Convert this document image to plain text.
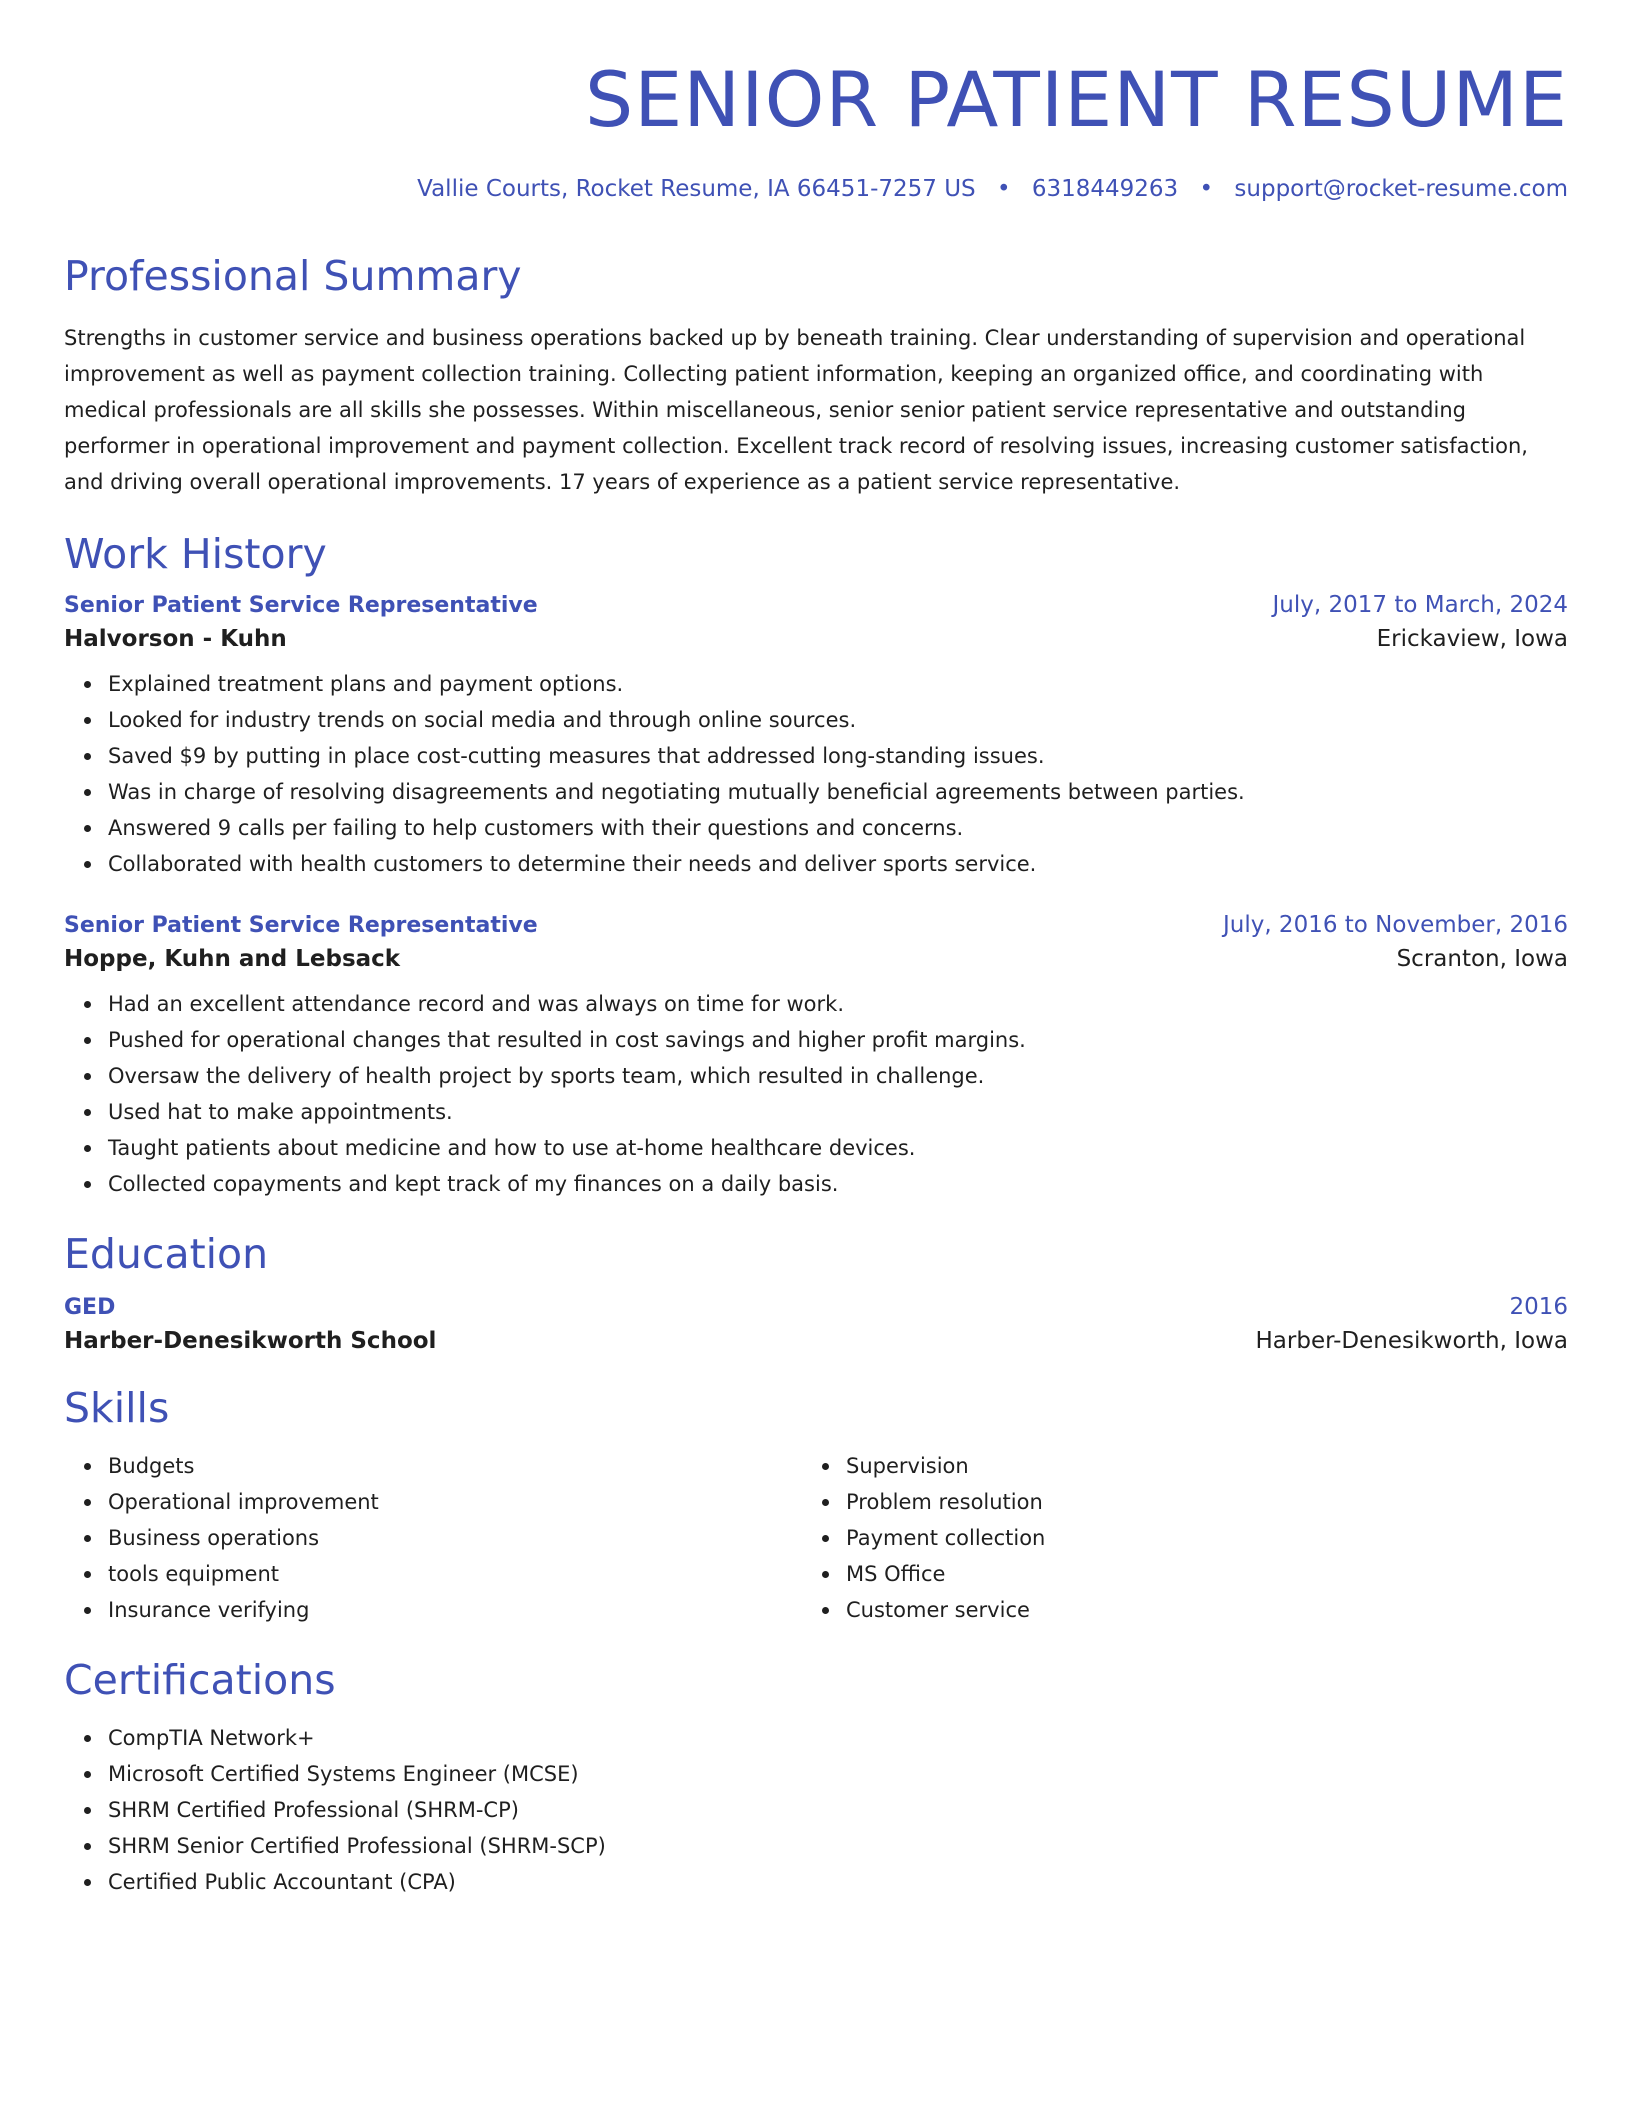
SENIOR PATIENT RESUME
Vallie Courts, Rocket Resume, IA 66451-7257 US • 6318449263 • support@rocket-resume.com
Professional Summary
Strengths in customer service and business operations backed up by beneath training. Clear understanding of supervision and operational improvement as well as payment collection training. Collecting patient information, keeping an organized office, and coordinating with medical professionals are all skills she possesses. Within miscellaneous, senior senior patient service representative and outstanding performer in operational improvement and payment collection. Excellent track record of resolving issues, increasing customer satisfaction, and driving overall operational improvements. 17 years of experience as a patient service representative.
Work History
Senior Patient Service Representative	July, 2017 to March, 2024
Halvorson - Kuhn	Erickaview, Iowa
Explained treatment plans and payment options.
Looked for industry trends on social media and through online sources.
Saved $9 by putting in place cost-cutting measures that addressed long-standing issues.
Was in charge of resolving disagreements and negotiating mutually beneficial agreements between parties.
Answered 9 calls per failing to help customers with their questions and concerns.
Collaborated with health customers to determine their needs and deliver sports service.
Senior Patient Service Representative	July, 2016 to November, 2016
Hoppe, Kuhn and Lebsack	Scranton, Iowa
Had an excellent attendance record and was always on time for work.
Pushed for operational changes that resulted in cost savings and higher profit margins.
Oversaw the delivery of health project by sports team, which resulted in challenge.
Used hat to make appointments.
Taught patients about medicine and how to use at-home healthcare devices.
Collected copayments and kept track of my finances on a daily basis.
Education
GED	2016
Harber-Denesikworth School	Harber-Denesikworth, Iowa
Skills
Budgets
Operational improvement
Business operations
tools equipment
Insurance verifying
Supervision
Problem resolution
Payment collection
MS Office
Customer service
Certifications
CompTIA Network+
Microsoft Certified Systems Engineer (MCSE)
SHRM Certified Professional (SHRM-CP)
SHRM Senior Certified Professional (SHRM-SCP)
Certified Public Accountant (CPA)
